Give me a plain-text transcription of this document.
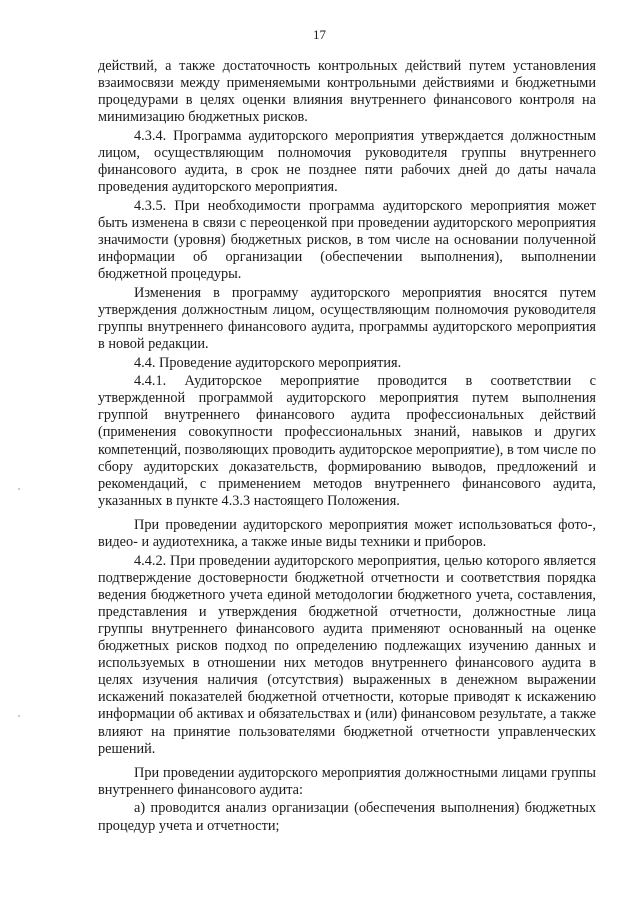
17

действий, а также достаточность контрольных действий путем установления взаимосвязи между применяемыми контрольными действиями и бюджетными процедурами в целях оценки влияния внутреннего финансового контроля на минимизацию бюджетных рисков.

4.3.4. Программа аудиторского мероприятия утверждается должностным лицом, осуществляющим полномочия руководителя группы внутреннего финансового аудита, в срок не позднее пяти рабочих дней до даты начала проведения аудиторского мероприятия.

4.3.5. При необходимости программа аудиторского мероприятия может быть изменена в связи с переоценкой при проведении аудиторского мероприятия значимости (уровня) бюджетных рисков, в том числе на основании полученной информации об организации (обеспечении выполнения), выполнении бюджетной процедуры.

Изменения в программу аудиторского мероприятия вносятся путем утверждения должностным лицом, осуществляющим полномочия руководителя группы внутреннего финансового аудита, программы аудиторского мероприятия в новой редакции.

4.4. Проведение аудиторского мероприятия.

4.4.1. Аудиторское мероприятие проводится в соответствии с утвержденной программой аудиторского мероприятия путем выполнения группой внутреннего финансового аудита профессиональных действий (применения совокупности профессиональных знаний, навыков и других компетенций, позволяющих проводить аудиторское мероприятие), в том числе по сбору аудиторских доказательств, формированию выводов, предложений и рекомендаций, с применением методов внутреннего финансового аудита, указанных в пункте 4.3.3 настоящего Положения.

При проведении аудиторского мероприятия может использоваться фото-, видео- и аудиотехника, а также иные виды техники и приборов.

4.4.2. При проведении аудиторского мероприятия, целью которого является подтверждение достоверности бюджетной отчетности и соответствия порядка ведения бюджетного учета единой методологии бюджетного учета, составления, представления и утверждения бюджетной отчетности, должностные лица группы внутреннего финансового аудита применяют основанный на оценке бюджетных рисков подход по определению подлежащих изучению данных и используемых в отношении них методов внутреннего финансового аудита в целях изучения наличия (отсутствия) выраженных в денежном выражении искажений показателей бюджетной отчетности, которые приводят к искажению информации об активах и обязательствах и (или) финансовом результате, а также влияют на принятие пользователями бюджетной отчетности управленческих решений.

При проведении аудиторского мероприятия должностными лицами группы внутреннего финансового аудита:

а) проводится анализ организации (обеспечения выполнения) бюджетных процедур учета и отчетности;
